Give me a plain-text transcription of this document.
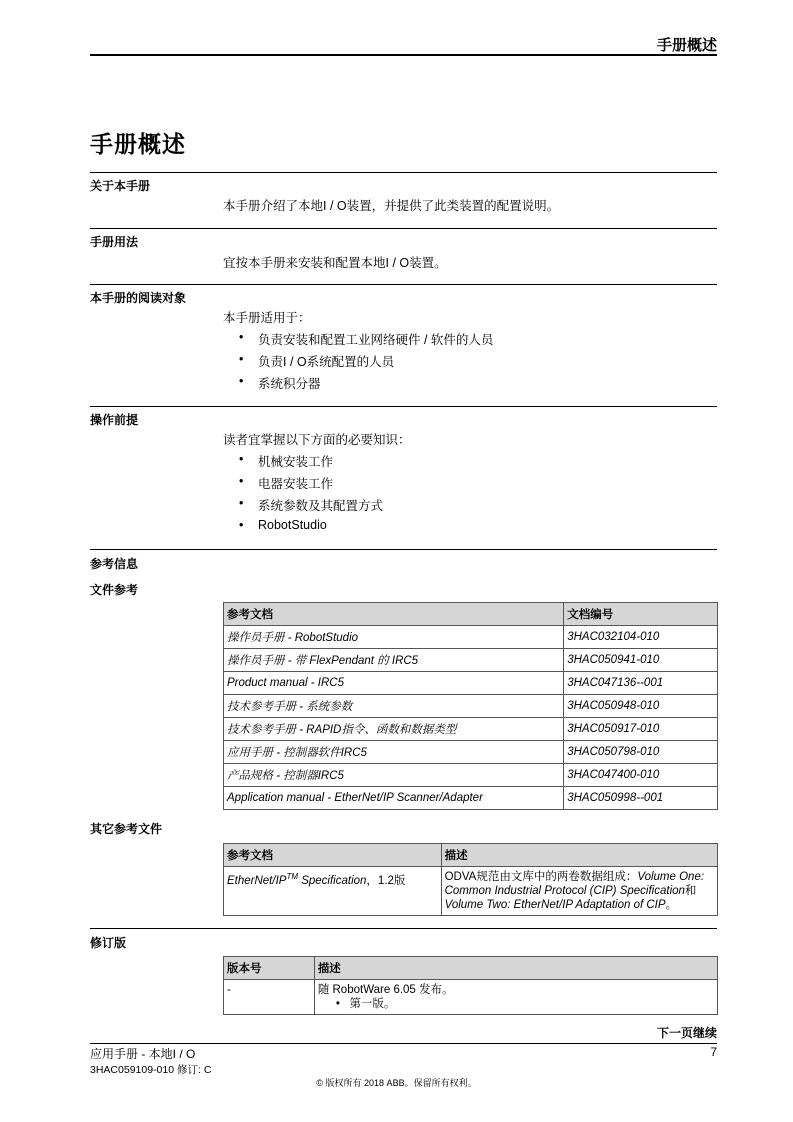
手册概述
手册概述
关于本手册
本手册介绍了本地I / O装置，并提供了此类装置的配置说明。
手册用法
宜按本手册来安装和配置本地I / O装置。
本手册的阅读对象
本手册适用于：
• 负责安装和配置工业网络硬件 / 软件的人员
• 负责I / O系统配置的人员
• 系统积分器
操作前提
读者宜掌握以下方面的必要知识：
• 机械安装工作
• 电器安装工作
• 系统参数及其配置方式
• RobotStudio
参考信息
文件参考
参考文档	文档编号
操作员手册 - RobotStudio	3HAC032104-010
操作员手册 - 带 FlexPendant 的 IRC5	3HAC050941-010
Product manual - IRC5	3HAC047136--001
技术参考手册 - 系统参数	3HAC050948-010
技术参考手册 - RAPID指令、函数和数据类型	3HAC050917-010
应用手册 - 控制器软件IRC5	3HAC050798-010
产品规格 - 控制器IRC5	3HAC047400-010
Application manual - EtherNet/IP Scanner/Adapter	3HAC050998--001
其它参考文件
参考文档	描述
EtherNet/IP™ Specification，1.2版	ODVA规范由文库中的两卷数据组成：Volume One: Common Industrial Protocol (CIP) Specification和Volume Two: EtherNet/IP Adaptation of CIP。
修订版
版本号	描述
-	随 RobotWare 6.05 发布。
• 第一版。
下一页继续
应用手册 - 本地I / O
3HAC059109-010 修订: C
7
© 版权所有 2018 ABB。保留所有权利。
